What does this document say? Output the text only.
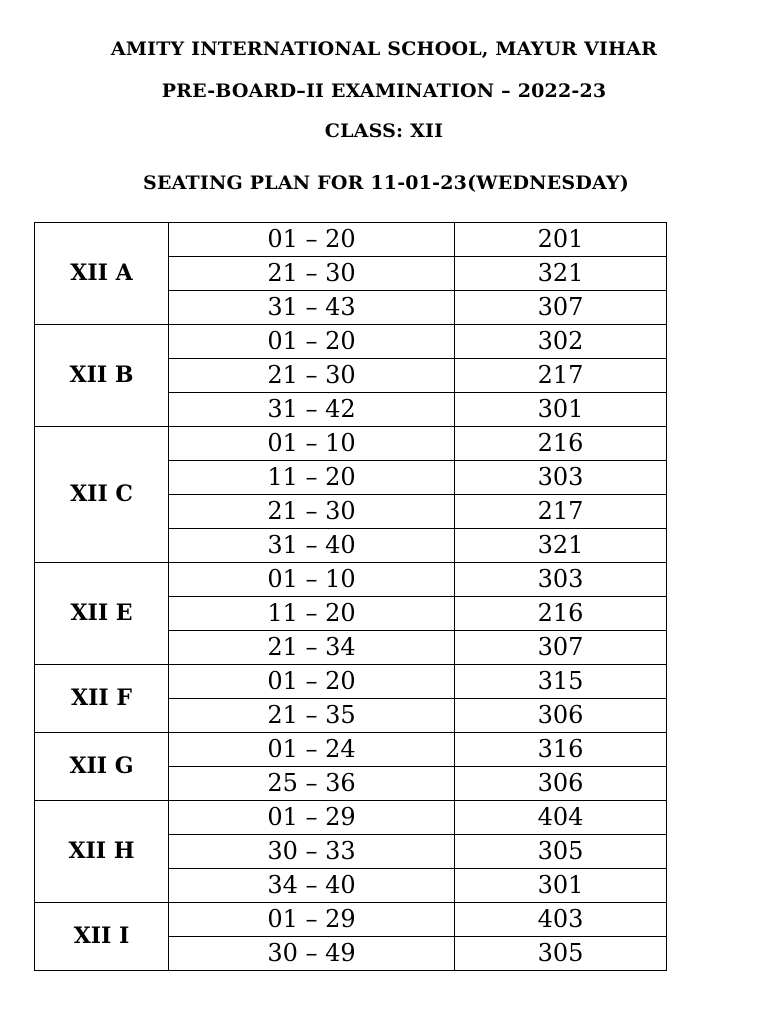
AMITY INTERNATIONAL SCHOOL, MAYUR VIHAR
PRE-BOARD–II EXAMINATION – 2022-23
CLASS: XII
SEATING PLAN FOR 11-01-23(WEDNESDAY)
XII A	01 – 20	201
	21 – 30	321
	31 – 43	307
XII B	01 – 20	302
	21 – 30	217
	31 – 42	301
XII C	01 – 10	216
	11 – 20	303
	21 – 30	217
	31 – 40	321
XII E	01 – 10	303
	11 – 20	216
	21 – 34	307
XII F	01 – 20	315
	21 – 35	306
XII G	01 – 24	316
	25 – 36	306
XII H	01 – 29	404
	30 – 33	305
	34 – 40	301
XII I	01 – 29	403
	30 – 49	305
